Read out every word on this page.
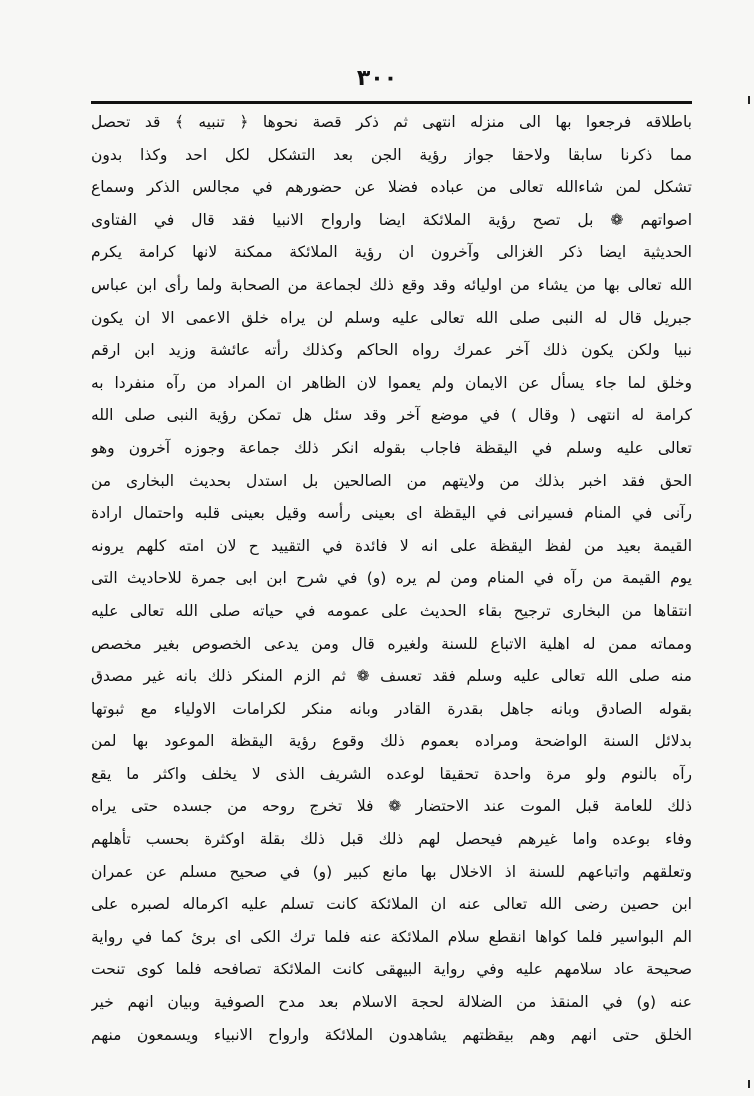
٣٠٠
باطلاقه فرجعوا بها الى منزله انتهى ثم ذكر قصة نحوها ﴿ تنبيه ﴾ قد تحصل
مما ذكرنا سابقا ولاحقا جواز رؤية الجن بعد التشكل لكل احد وكذا بدون
تشكل لمن شاءالله تعالى من عباده فضلا عن حضورهم في مجالس الذكر وسماع
اصواتهم ❁ بل تصح رؤية الملائكة ايضا وارواح الانبيا فقد قال في الفتاوى
الحديثية ايضا ذكر الغزالى وآخرون ان رؤية الملائكة ممكنة لانها كرامة يكرم
الله تعالى بها من يشاء من اوليائه وقد وقع ذلك لجماعة من الصحابة ولما رأى ابن عباس
جبريل قال له النبى صلى الله تعالى عليه وسلم لن يراه خلق الاعمى الا ان يكون
نبيا ولكن يكون ذلك آخر عمرك رواه الحاكم وكذلك رأته عائشة وزيد ابن ارقم
وخلق لما جاء يسأل عن الايمان ولم يعموا لان الظاهر ان المراد من رآه منفردا به
كرامة له انتهى ( وقال ) في موضع آخر وقد سئل هل تمكن رؤية النبى صلى الله
تعالى عليه وسلم في اليقظة فاجاب بقوله انكر ذلك جماعة وجوزه آخرون وهو
الحق فقد اخبر بذلك من ولايتهم من الصالحين بل استدل بحديث البخارى من
رآنى في المنام فسيرانى في اليقظة اى بعينى رأسه وقيل بعينى قلبه واحتمال ارادة
القيمة بعيد من لفظ اليقظة على انه لا فائدة في التقييد ح لان امته كلهم يرونه
يوم القيمة من رآه في المنام ومن لم يره (و) في شرح ابن ابى جمرة للاحاديث التى
انتقاها من البخارى ترجيح بقاء الحديث على عمومه في حياته صلى الله تعالى عليه
ومماته ممن له اهلية الاتباع للسنة ولغيره قال ومن يدعى الخصوص بغير مخصص
منه صلى الله تعالى عليه وسلم فقد تعسف ❁ ثم الزم المنكر ذلك بانه غير مصدق
بقوله الصادق وبانه جاهل بقدرة القادر وبانه منكر لكرامات الاولياء مع ثبوتها
بدلائل السنة الواضحة ومراده بعموم ذلك وقوع رؤية اليقظة الموعود بها لمن
رآه بالنوم ولو مرة واحدة تحقيقا لوعده الشريف الذى لا يخلف واكثر ما يقع
ذلك للعامة قبل الموت عند الاحتضار ❁ فلا تخرج روحه من جسده حتى يراه
وفاء بوعده واما غيرهم فيحصل لهم ذلك قبل ذلك بقلة اوكثرة بحسب تأهلهم
وتعلقهم واتباعهم للسنة اذ الاخلال بها مانع كبير (و) في صحيح مسلم عن عمران
ابن حصين رضى الله تعالى عنه ان الملائكة كانت تسلم عليه اكرماله لصبره على
الم البواسير فلما كواها انقطع سلام الملائكة عنه فلما ترك الكى اى برئ كما في رواية
صحيحة عاد سلامهم عليه وفي رواية البيهقى كانت الملائكة تصافحه فلما كوى تنحت
عنه (و) في المنقذ من الضلالة لحجة الاسلام بعد مدح الصوفية وبيان انهم خير
الخلق حتى انهم وهم بيقظتهم يشاهدون الملائكة وارواح الانبياء ويسمعون منهم
